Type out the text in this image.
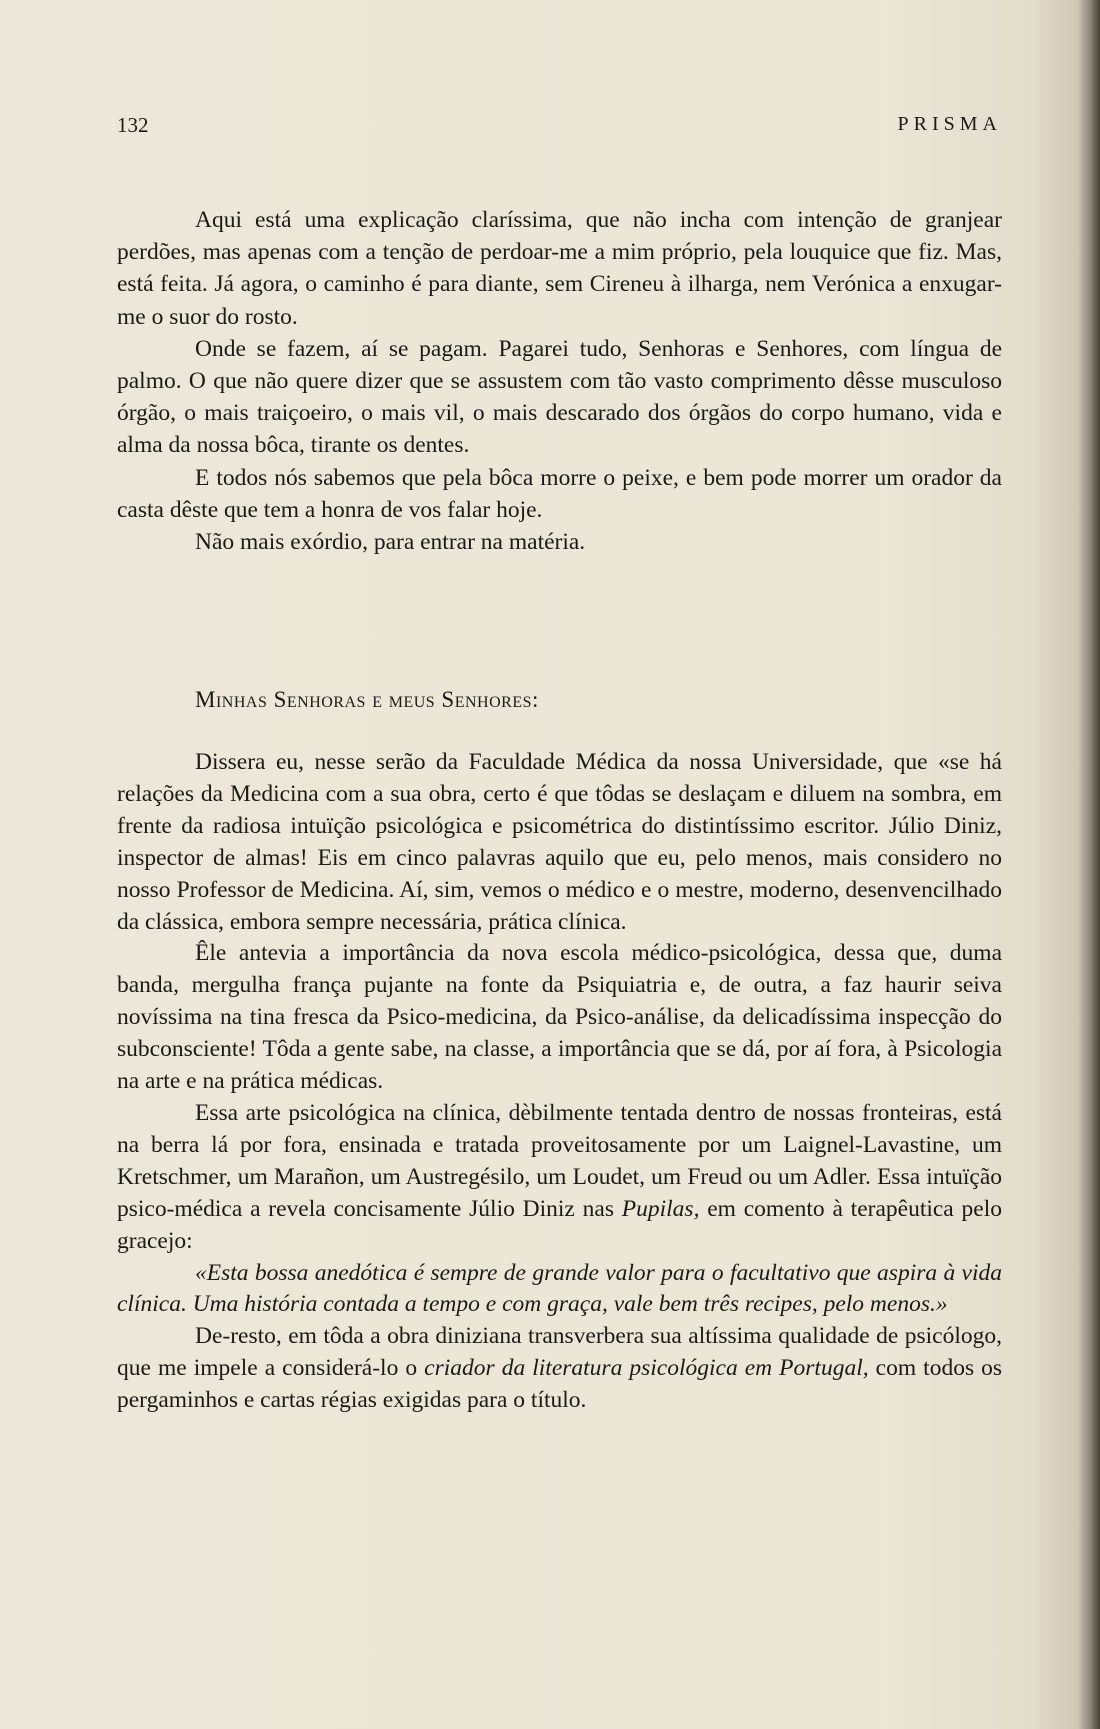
132	PRISMA

Aqui está uma explicação claríssima, que não incha com intenção de granjear perdões, mas apenas com a tenção de perdoar-me a mim próprio, pela louquice que fiz. Mas, está feita. Já agora, o caminho é para diante, sem Cireneu à ilharga, nem Verónica a enxugar-me o suor do rosto.

Onde se fazem, aí se pagam. Pagarei tudo, Senhoras e Senhores, com língua de palmo. O que não quere dizer que se assustem com tão vasto comprimento dêsse musculoso órgão, o mais traiçoeiro, o mais vil, o mais descarado dos órgãos do corpo humano, vida e alma da nossa bôca, tirante os dentes.

E todos nós sabemos que pela bôca morre o peixe, e bem pode morrer um orador da casta dêste que tem a honra de vos falar hoje.

Não mais exórdio, para entrar na matéria.

Minhas Senhoras e meus Senhores:

Dissera eu, nesse serão da Faculdade Médica da nossa Universidade, que «se há relações da Medicina com a sua obra, certo é que tôdas se deslaçam e diluem na sombra, em frente da radiosa intuïção psicológica e psicométrica do distintíssimo escritor. Júlio Diniz, inspector de almas! Eis em cinco palavras aquilo que eu, pelo menos, mais considero no nosso Professor de Medicina. Aí, sim, vemos o médico e o mestre, moderno, desenvencilhado da clássica, embora sempre necessária, prática clínica.

Êle antevia a importância da nova escola médico-psicológica, dessa que, duma banda, mergulha frança pujante na fonte da Psiquiatria e, de outra, a faz haurir seiva novíssima na tina fresca da Psico-medicina, da Psico-análise, da delicadíssima inspecção do subconsciente! Tôda a gente sabe, na classe, a importância que se dá, por aí fora, à Psicologia na arte e na prática médicas.

Essa arte psicológica na clínica, dèbilmente tentada dentro de nossas fronteiras, está na berra lá por fora, ensinada e tratada proveitosamente por um Laignel-Lavastine, um Kretschmer, um Marañon, um Austregésilo, um Loudet, um Freud ou um Adler. Essa intuïção psico-médica a revela concisamente Júlio Diniz nas Pupilas, em comento à terapêutica pelo gracejo:

«Esta bossa anedótica é sempre de grande valor para o facultativo que aspira à vida clínica. Uma história contada a tempo e com graça, vale bem três recipes, pelo menos.»

De-resto, em tôda a obra diniziana transverbera sua altíssima qualidade de psicólogo, que me impele a considerá-lo o criador da literatura psicológica em Portugal, com todos os pergaminhos e cartas régias exigidas para o título.
